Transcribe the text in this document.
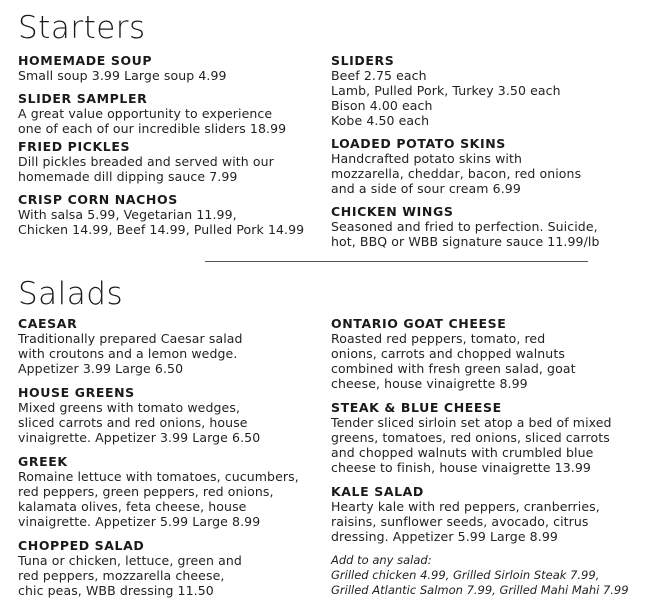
Starters
HOMEMADE SOUP
Small soup 3.99 Large soup 4.99
SLIDER SAMPLER
A great value opportunity to experience
one of each of our incredible sliders 18.99
FRIED PICKLES
Dill pickles breaded and served with our
homemade dill dipping sauce 7.99
CRISP CORN NACHOS
With salsa 5.99, Vegetarian 11.99,
Chicken 14.99, Beef 14.99, Pulled Pork 14.99
SLIDERS
Beef 2.75 each
Lamb, Pulled Pork, Turkey 3.50 each
Bison 4.00 each
Kobe 4.50 each
LOADED POTATO SKINS
Handcrafted potato skins with
mozzarella, cheddar, bacon, red onions
and a side of sour cream 6.99
CHICKEN WINGS
Seasoned and fried to perfection. Suicide,
hot, BBQ or WBB signature sauce 11.99/lb
Salads
CAESAR
Traditionally prepared Caesar salad
with croutons and a lemon wedge.
Appetizer 3.99 Large 6.50
HOUSE GREENS
Mixed greens with tomato wedges,
sliced carrots and red onions, house
vinaigrette. Appetizer 3.99 Large 6.50
GREEK
Romaine lettuce with tomatoes, cucumbers,
red peppers, green peppers, red onions,
kalamata olives, feta cheese, house
vinaigrette. Appetizer 5.99 Large 8.99
CHOPPED SALAD
Tuna or chicken, lettuce, green and
red peppers, mozzarella cheese,
chic peas, WBB dressing 11.50
ONTARIO GOAT CHEESE
Roasted red peppers, tomato, red
onions, carrots and chopped walnuts
combined with fresh green salad, goat
cheese, house vinaigrette 8.99
STEAK & BLUE CHEESE
Tender sliced sirloin set atop a bed of mixed
greens, tomatoes, red onions, sliced carrots
and chopped walnuts with crumbled blue
cheese to finish, house vinaigrette 13.99
KALE SALAD
Hearty kale with red peppers, cranberries,
raisins, sunflower seeds, avocado, citrus
dressing. Appetizer 5.99 Large 8.99
Add to any salad:
Grilled chicken 4.99, Grilled Sirloin Steak 7.99,
Grilled Atlantic Salmon 7.99, Grilled Mahi Mahi 7.99
